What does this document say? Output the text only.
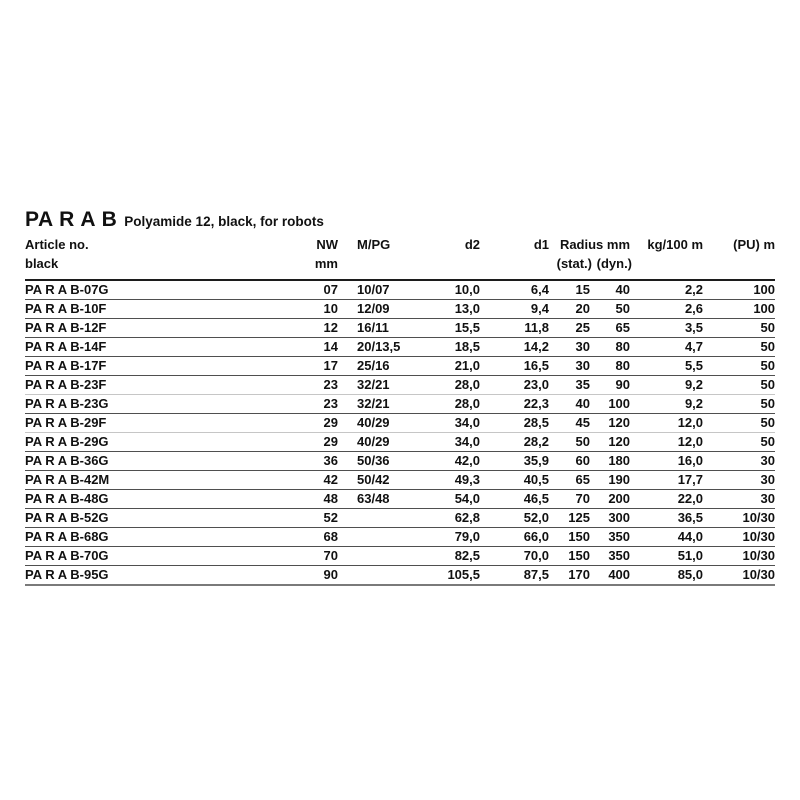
PA R A B Polyamide 12, black, for robots
Article no.	NW	M/PG	d2	d1	Radius mm		kg/100 m	(PU) m
black	mm				(stat.)	(dyn.)		
PA R A B-07G	07	10/07	10,0	6,4	15	40	2,2	100
PA R A B-10F	10	12/09	13,0	9,4	20	50	2,6	100
PA R A B-12F	12	16/11	15,5	11,8	25	65	3,5	50
PA R A B-14F	14	20/13,5	18,5	14,2	30	80	4,7	50
PA R A B-17F	17	25/16	21,0	16,5	30	80	5,5	50
PA R A B-23F	23	32/21	28,0	23,0	35	90	9,2	50
PA R A B-23G	23	32/21	28,0	22,3	40	100	9,2	50
PA R A B-29F	29	40/29	34,0	28,5	45	120	12,0	50
PA R A B-29G	29	40/29	34,0	28,2	50	120	12,0	50
PA R A B-36G	36	50/36	42,0	35,9	60	180	16,0	30
PA R A B-42M	42	50/42	49,3	40,5	65	190	17,7	30
PA R A B-48G	48	63/48	54,0	46,5	70	200	22,0	30
PA R A B-52G	52		62,8	52,0	125	300	36,5	10/30
PA R A B-68G	68		79,0	66,0	150	350	44,0	10/30
PA R A B-70G	70		82,5	70,0	150	350	51,0	10/30
PA R A B-95G	90		105,5	87,5	170	400	85,0	10/30
